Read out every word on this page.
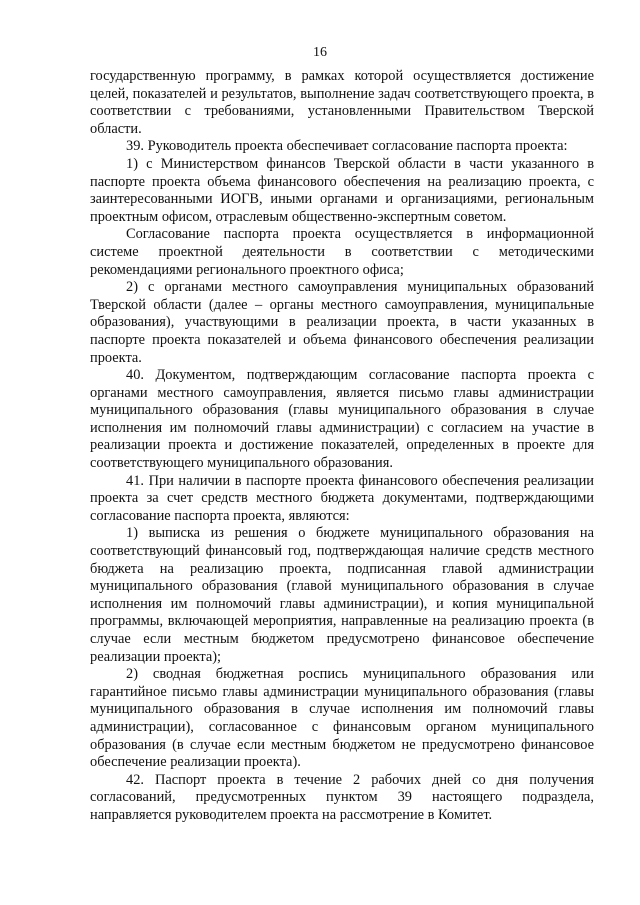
16

государственную программу, в рамках которой осуществляется достижение целей, показателей и результатов, выполнение задач соответствующего проекта, в соответствии с требованиями, установленными Правительством Тверской области.

39. Руководитель проекта обеспечивает согласование паспорта проекта:

1) с Министерством финансов Тверской области в части указанного в паспорте проекта объема финансового обеспечения на реализацию проекта, с заинтересованными ИОГВ, иными органами и организациями, региональным проектным офисом, отраслевым общественно-экспертным советом.

Согласование паспорта проекта осуществляется в информационной системе проектной деятельности в соответствии с методическими рекомендациями регионального проектного офиса;

2) с органами местного самоуправления муниципальных образований Тверской области (далее – органы местного самоуправления, муниципальные образования), участвующими в реализации проекта, в части указанных в паспорте проекта показателей и объема финансового обеспечения реализации проекта.

40. Документом, подтверждающим согласование паспорта проекта с органами местного самоуправления, является письмо главы администрации муниципального образования (главы муниципального образования в случае исполнения им полномочий главы администрации) с согласием на участие в реализации проекта и достижение показателей, определенных в проекте для соответствующего муниципального образования.

41. При наличии в паспорте проекта финансового обеспечения реализации проекта за счет средств местного бюджета документами, подтверждающими согласование паспорта проекта, являются:

1) выписка из решения о бюджете муниципального образования на соответствующий финансовый год, подтверждающая наличие средств местного бюджета на реализацию проекта, подписанная главой администрации муниципального образования (главой муниципального образования в случае исполнения им полномочий главы администрации), и копия муниципальной программы, включающей мероприятия, направленные на реализацию проекта (в случае если местным бюджетом предусмотрено финансовое обеспечение реализации проекта);

2) сводная бюджетная роспись муниципального образования или гарантийное письмо главы администрации муниципального образования (главы муниципального образования в случае исполнения им полномочий главы администрации), согласованное с финансовым органом муниципального образования (в случае если местным бюджетом не предусмотрено финансовое обеспечение реализации проекта).

42. Паспорт проекта в течение 2 рабочих дней со дня получения согласований, предусмотренных пунктом 39 настоящего подраздела, направляется руководителем проекта на рассмотрение в Комитет.
